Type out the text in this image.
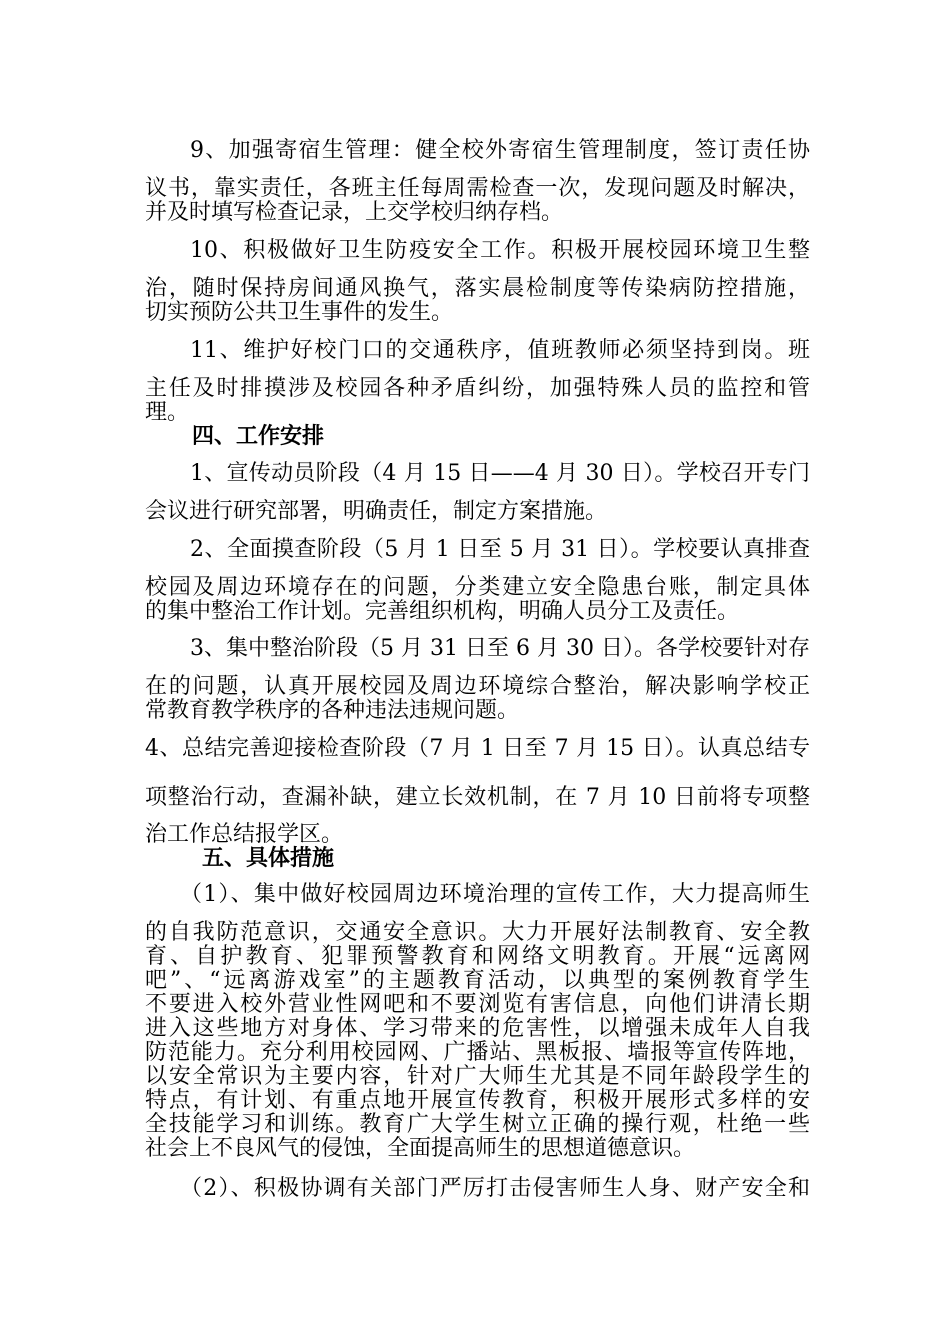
9、加强寄宿生管理：健全校外寄宿生管理制度，签订责任协
议书，靠实责任，各班主任每周需检查一次，发现问题及时解决，
并及时填写检查记录，上交学校归纳存档。
10、积极做好卫生防疫安全工作。积极开展校园环境卫生整
治，随时保持房间通风换气，落实晨检制度等传染病防控措施，
切实预防公共卫生事件的发生。
11、维护好校门口的交通秩序，值班教师必须坚持到岗。班
主任及时排摸涉及校园各种矛盾纠纷，加强特殊人员的监控和管
理。
四、工作安排
1、宣传动员阶段（4 月 15 日——4 月 30 日）。学校召开专门
会议进行研究部署，明确责任，制定方案措施。
2、全面摸查阶段（5 月 1 日至 5 月 31 日）。学校要认真排查
校园及周边环境存在的问题，分类建立安全隐患台账，制定具体
的集中整治工作计划。完善组织机构，明确人员分工及责任。
3、集中整治阶段（5 月 31 日至 6 月 30 日）。各学校要针对存
在的问题，认真开展校园及周边环境综合整治，解决影响学校正
常教育教学秩序的各种违法违规问题。
4、总结完善迎接检查阶段（7 月 1 日至 7 月 15 日）。认真总结专
项整治行动，查漏补缺，建立长效机制，在 7 月 10 日前将专项整
治工作总结报学区。
五、具体措施
（1）、集中做好校园周边环境治理的宣传工作，大力提高师生
的自我防范意识，交通安全意识。大力开展好法制教育、安全教
育、自护教育、犯罪预警教育和网络文明教育。开展“远离网
吧”、“远离游戏室”的主题教育活动，以典型的案例教育学生
不要进入校外营业性网吧和不要浏览有害信息，向他们讲清长期
进入这些地方对身体、学习带来的危害性，以增强未成年人自我
防范能力。充分利用校园网、广播站、黑板报、墙报等宣传阵地，
以安全常识为主要内容，针对广大师生尤其是不同年龄段学生的
特点，有计划、有重点地开展宣传教育，积极开展形式多样的安
全技能学习和训练。教育广大学生树立正确的操行观，杜绝一些
社会上不良风气的侵蚀，全面提高师生的思想道德意识。
（2）、积极协调有关部门严厉打击侵害师生人身、财产安全和
